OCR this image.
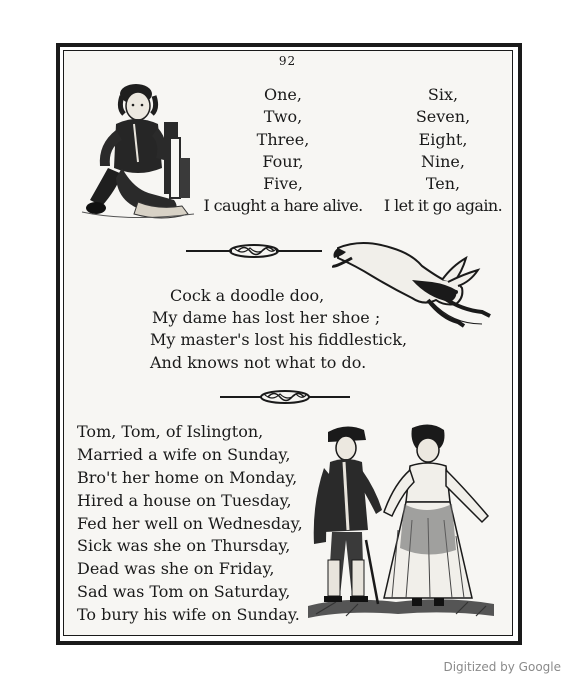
92
One,
Two,
Three,
Four,
Five,
I caught a hare alive.
Six,
Seven,
Eight,
Nine,
Ten,
I let it go again.
Cock a doodle doo,
My dame has lost her shoe ;
My master's lost his fiddlestick,
And knows not what to do.
Tom, Tom, of Islington,
Married a wife on Sunday,
Bro't her home on Monday,
Hired a house on Tuesday,
Fed her well on Wednesday,
Sick was she on Thursday,
Dead was she on Friday,
Sad was Tom on Saturday,
To bury his wife on Sunday.
Digitized by Google
